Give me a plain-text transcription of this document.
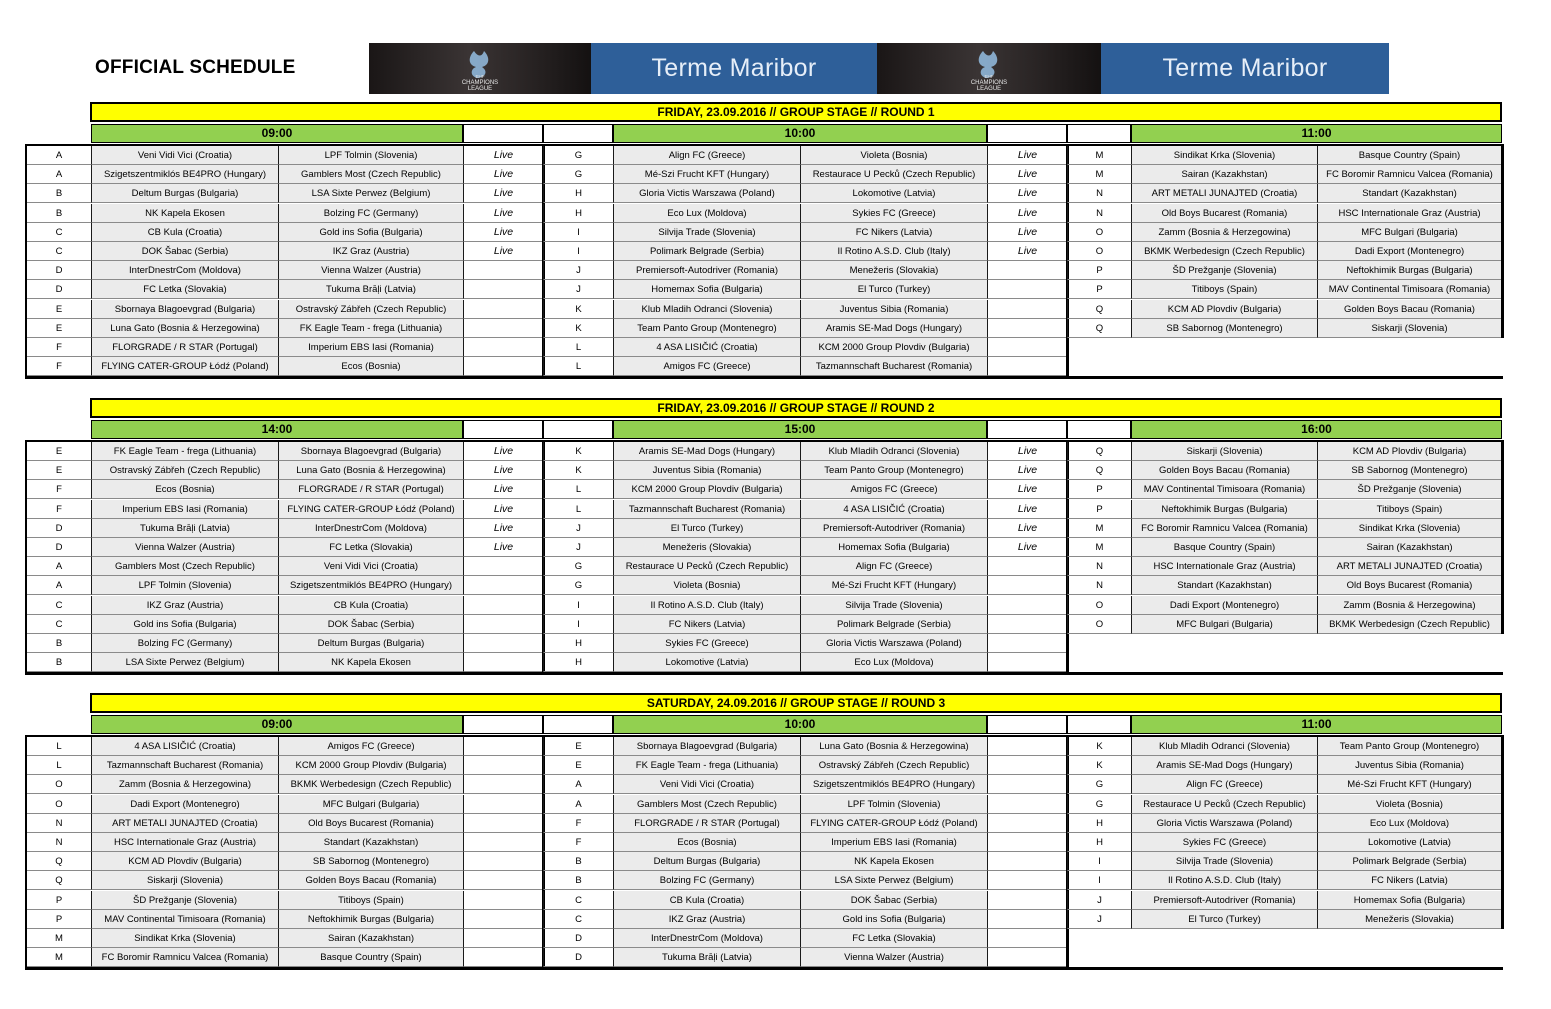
OFFICIAL SCHEDULE	EHF
CHAMPIONS
LEAGUE
Terme Maribor	EHF
CHAMPIONS
LEAGUE
Terme Maribor
FRIDAY, 23.09.2016 // GROUP STAGE // ROUND 1
09:00	10:00	11:00
A	Veni Vidi Vici (Croatia)	LPF Tolmin (Slovenia)	Live
A	Szigetszentmiklós BE4PRO (Hungary)	Gamblers Most (Czech Republic)	Live
B	Deltum Burgas (Bulgaria)	LSA Sixte Perwez (Belgium)	Live
B	NK Kapela Ekosen	Bolzing FC (Germany)	Live
C	CB Kula (Croatia)	Gold ins Sofia (Bulgaria)	Live
C	DOK Šabac (Serbia)	IKZ Graz (Austria)	Live
D	InterDnestrCom (Moldova)	Vienna Walzer (Austria)
D	FC Letka (Slovakia)	Tukuma Brāļi (Latvia)
E	Sbornaya Blagoevgrad (Bulgaria)	Ostravský Zábřeh (Czech Republic)
E	Luna Gato (Bosnia & Herzegowina)	FK Eagle Team - frega (Lithuania)
F	FLORGRADE / R STAR (Portugal)	Imperium EBS Iasi (Romania)
F	FLYING CATER-GROUP Łódź (Poland)	Ecos (Bosnia)
G	Align FC (Greece)	Violeta (Bosnia)	Live
G	Mé-Szi Frucht KFT (Hungary)	Restaurace U Pecků (Czech Republic)	Live
H	Gloria Victis Warszawa (Poland)	Lokomotive (Latvia)	Live
H	Eco Lux (Moldova)	Sykies FC (Greece)	Live
I	Silvija Trade (Slovenia)	FC Nikers (Latvia)	Live
I	Polimark Belgrade (Serbia)	Il Rotino A.S.D. Club (Italy)	Live
J	Premiersoft-Autodriver (Romania)	Menežeris (Slovakia)
J	Homemax Sofia (Bulgaria)	El Turco (Turkey)
K	Klub Mladih Odranci (Slovenia)	Juventus Sibia (Romania)
K	Team Panto Group (Montenegro)	Aramis SE-Mad Dogs (Hungary)
L	4 ASA LISIČIĆ (Croatia)	KCM 2000 Group Plovdiv (Bulgaria)
L	Amigos FC (Greece)	Tazmannschaft Bucharest (Romania)
M	Sindikat Krka (Slovenia)	Basque Country (Spain)
M	Sairan (Kazakhstan)	FC Boromir Ramnicu Valcea (Romania)
N	ART METALI JUNAJTED (Croatia)	Standart (Kazakhstan)
N	Old Boys Bucarest (Romania)	HSC Internationale Graz (Austria)
O	Zamm (Bosnia & Herzegowina)	MFC Bulgari (Bulgaria)
O	BKMK Werbedesign (Czech Republic)	Dadi Export (Montenegro)
P	ŠD Prežganje (Slovenia)	Neftokhimik Burgas (Bulgaria)
P	Titiboys (Spain)	MAV Continental Timisoara (Romania)
Q	KCM AD Plovdiv (Bulgaria)	Golden Boys Bacau (Romania)
Q	SB Sabornog (Montenegro)	Siskarji (Slovenia)
FRIDAY, 23.09.2016 // GROUP STAGE // ROUND 2
14:00	15:00	16:00
E	FK Eagle Team - frega (Lithuania)	Sbornaya Blagoevgrad (Bulgaria)	Live
E	Ostravský Zábřeh (Czech Republic)	Luna Gato (Bosnia & Herzegowina)	Live
F	Ecos (Bosnia)	FLORGRADE / R STAR (Portugal)	Live
F	Imperium EBS Iasi (Romania)	FLYING CATER-GROUP Łódź (Poland)	Live
D	Tukuma Brāļi (Latvia)	InterDnestrCom (Moldova)	Live
D	Vienna Walzer (Austria)	FC Letka (Slovakia)	Live
A	Gamblers Most (Czech Republic)	Veni Vidi Vici (Croatia)
A	LPF Tolmin (Slovenia)	Szigetszentmiklós BE4PRO (Hungary)
C	IKZ Graz (Austria)	CB Kula (Croatia)
C	Gold ins Sofia (Bulgaria)	DOK Šabac (Serbia)
B	Bolzing FC (Germany)	Deltum Burgas (Bulgaria)
B	LSA Sixte Perwez (Belgium)	NK Kapela Ekosen
K	Aramis SE-Mad Dogs (Hungary)	Klub Mladih Odranci (Slovenia)	Live
K	Juventus Sibia (Romania)	Team Panto Group (Montenegro)	Live
L	KCM 2000 Group Plovdiv (Bulgaria)	Amigos FC (Greece)	Live
L	Tazmannschaft Bucharest (Romania)	4 ASA LISIČIĆ (Croatia)	Live
J	El Turco (Turkey)	Premiersoft-Autodriver (Romania)	Live
J	Menežeris (Slovakia)	Homemax Sofia (Bulgaria)	Live
G	Restaurace U Pecků (Czech Republic)	Align FC (Greece)
G	Violeta (Bosnia)	Mé-Szi Frucht KFT (Hungary)
I	Il Rotino A.S.D. Club (Italy)	Silvija Trade (Slovenia)
I	FC Nikers (Latvia)	Polimark Belgrade (Serbia)
H	Sykies FC (Greece)	Gloria Victis Warszawa (Poland)
H	Lokomotive (Latvia)	Eco Lux (Moldova)
Q	Siskarji (Slovenia)	KCM AD Plovdiv (Bulgaria)
Q	Golden Boys Bacau (Romania)	SB Sabornog (Montenegro)
P	MAV Continental Timisoara (Romania)	ŠD Prežganje (Slovenia)
P	Neftokhimik Burgas (Bulgaria)	Titiboys (Spain)
M	FC Boromir Ramnicu Valcea (Romania)	Sindikat Krka (Slovenia)
M	Basque Country (Spain)	Sairan (Kazakhstan)
N	HSC Internationale Graz (Austria)	ART METALI JUNAJTED (Croatia)
N	Standart (Kazakhstan)	Old Boys Bucarest (Romania)
O	Dadi Export (Montenegro)	Zamm (Bosnia & Herzegowina)
O	MFC Bulgari (Bulgaria)	BKMK Werbedesign (Czech Republic)
SATURDAY, 24.09.2016 // GROUP STAGE // ROUND 3
09:00	10:00	11:00
L	4 ASA LISIČIĆ (Croatia)	Amigos FC (Greece)
L	Tazmannschaft Bucharest (Romania)	KCM 2000 Group Plovdiv (Bulgaria)
O	Zamm (Bosnia & Herzegowina)	BKMK Werbedesign (Czech Republic)
O	Dadi Export (Montenegro)	MFC Bulgari (Bulgaria)
N	ART METALI JUNAJTED (Croatia)	Old Boys Bucarest (Romania)
N	HSC Internationale Graz (Austria)	Standart (Kazakhstan)
Q	KCM AD Plovdiv (Bulgaria)	SB Sabornog (Montenegro)
Q	Siskarji (Slovenia)	Golden Boys Bacau (Romania)
P	ŠD Prežganje (Slovenia)	Titiboys (Spain)
P	MAV Continental Timisoara (Romania)	Neftokhimik Burgas (Bulgaria)
M	Sindikat Krka (Slovenia)	Sairan (Kazakhstan)
M	FC Boromir Ramnicu Valcea (Romania)	Basque Country (Spain)
E	Sbornaya Blagoevgrad (Bulgaria)	Luna Gato (Bosnia & Herzegowina)
E	FK Eagle Team - frega (Lithuania)	Ostravský Zábřeh (Czech Republic)
A	Veni Vidi Vici (Croatia)	Szigetszentmiklós BE4PRO (Hungary)
A	Gamblers Most (Czech Republic)	LPF Tolmin (Slovenia)
F	FLORGRADE / R STAR (Portugal)	FLYING CATER-GROUP Łódź (Poland)
F	Ecos (Bosnia)	Imperium EBS Iasi (Romania)
B	Deltum Burgas (Bulgaria)	NK Kapela Ekosen
B	Bolzing FC (Germany)	LSA Sixte Perwez (Belgium)
C	CB Kula (Croatia)	DOK Šabac (Serbia)
C	IKZ Graz (Austria)	Gold ins Sofia (Bulgaria)
D	InterDnestrCom (Moldova)	FC Letka (Slovakia)
D	Tukuma Brāļi (Latvia)	Vienna Walzer (Austria)
K	Klub Mladih Odranci (Slovenia)	Team Panto Group (Montenegro)
K	Aramis SE-Mad Dogs (Hungary)	Juventus Sibia (Romania)
G	Align FC (Greece)	Mé-Szi Frucht KFT (Hungary)
G	Restaurace U Pecků (Czech Republic)	Violeta (Bosnia)
H	Gloria Victis Warszawa (Poland)	Eco Lux (Moldova)
H	Sykies FC (Greece)	Lokomotive (Latvia)
I	Silvija Trade (Slovenia)	Polimark Belgrade (Serbia)
I	Il Rotino A.S.D. Club (Italy)	FC Nikers (Latvia)
J	Premiersoft-Autodriver (Romania)	Homemax Sofia (Bulgaria)
J	El Turco (Turkey)	Menežeris (Slovakia)
